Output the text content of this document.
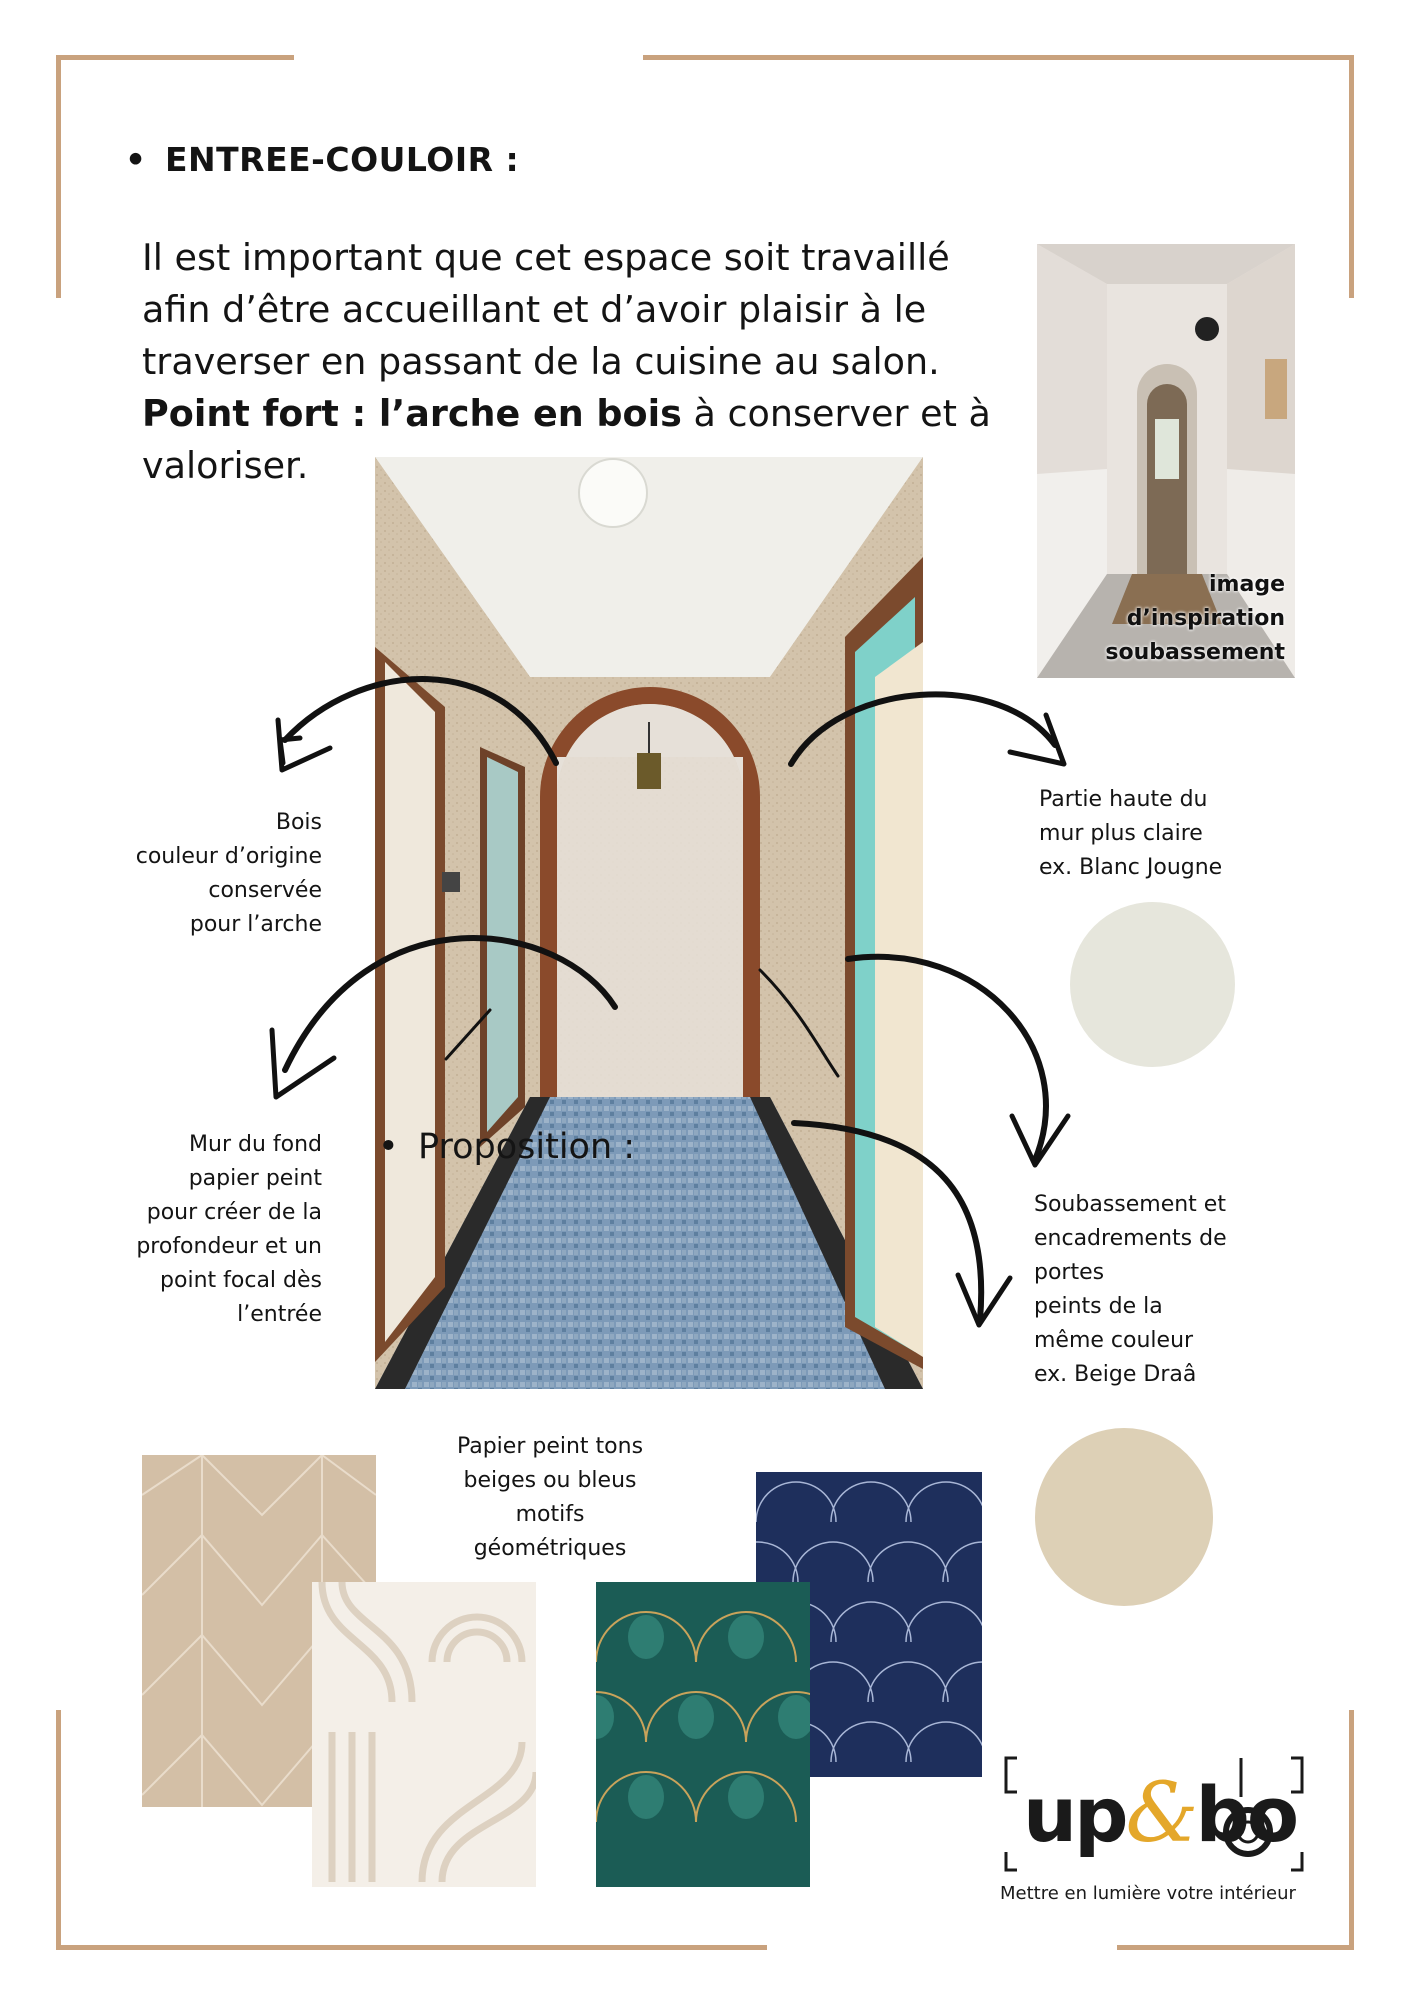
• ENTREE-COULOIR :
Il est important que cet espace soit travaillé
afin d’être accueillant et d’avoir plaisir à le
traverser en passant de la cuisine au salon.
Point fort : l’arche en bois à conserver et à
valoriser.
image
d’inspiration
soubassement
Bois
couleur d’origine
conservée
pour l’arche
Mur du fond
papier peint
pour créer de la
profondeur et un
point focal dès
l’entrée
• Proposition :
Partie haute du
mur plus claire
ex. Blanc Jougne
Soubassement et
encadrements de
portes
peints de la
même couleur
ex. Beige Draâ
Papier peint tons
beiges ou bleus
motifs
géométriques
up&bo
Mettre en lumière votre intérieur
